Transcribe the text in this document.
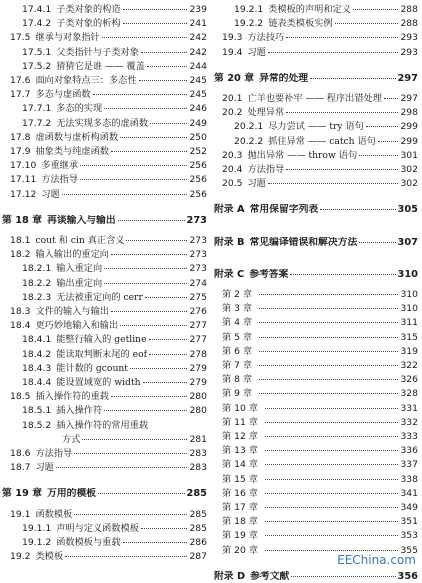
17.4.1 子类对象的构造	239
17.4.2 子类对象的析构	241
17.5 继承与对象指针	242
17.5.1 父类指针与子类对象	242
17.5.2 猜猜它是谁 —— 覆盖	244
17.6 面向对象特点三：多态性	245
17.7 多态与虚函数	245
17.7.1 多态的实现	246
17.7.2 无法实现多态的虚函数	249
17.8 虚函数与虚析构函数	250
17.9 抽象类与纯虚函数	252
17.10 多重继承	256
17.11 方法指导	256
17.12 习题	256
第 18 章 再谈输入与输出	273
18.1 cout 和 cin 真正含义	273
18.2 输入输出的重定向	273
18.2.1 输入重定向	273
18.2.2 输出重定向	274
18.2.3 无法被重定向的 cerr	275
18.3 文件的输入与输出	276
18.4 更巧妙地输入和输出	277
18.4.1 能整行输入的 getline	277
18.4.2 能读取判断末尾的 eof	278
18.4.3 能计数的 gcount	279
18.4.4 能设置域宽的 width	279
18.5 插入操作符的重载	280
18.5.1 插入操作符	280
18.5.2 插入操作符的常用重载
方式	281
18.6 方法指导	283
18.7 习题	283
第 19 章 万用的模板	285
19.1 函数模板	285
19.1.1 声明与定义函数模板	285
19.1.2 函数模板与重载	286
19.2 类模板	287
19.2.1 类模板的声明和定义	288
19.2.2 链表类模板实例	288
19.3 方法技巧	293
19.4 习题	293
第 20 章 异常的处理	297
20.1 亡羊也要补牢 —— 程序出错处理 297
20.2 处理异常	298
20.2.1 尽力尝试 —— try 语句	299
20.2.2 抓住异常 —— catch 语句	299
20.3 抛出异常 —— throw 语句	301
20.4 方法指导	302
20.5 习题	302
附录 A 常用保留字列表	305
附录 B 常见编译错误和解决方法	307
附录 C 参考答案	310
第 2 章	310
第 3 章	310
第 4 章	311
第 5 章	315
第 6 章	319
第 7 章	322
第 8 章	326
第 9 章	328
第 10 章	331
第 11 章	332
第 12 章	333
第 13 章	336
第 14 章	337
第 15 章	338
第 16 章	341
第 17 章	349
第 18 章	351
第 19 章	353
第 20 章	355
附录 D 参考文献	356
EEChina.com
